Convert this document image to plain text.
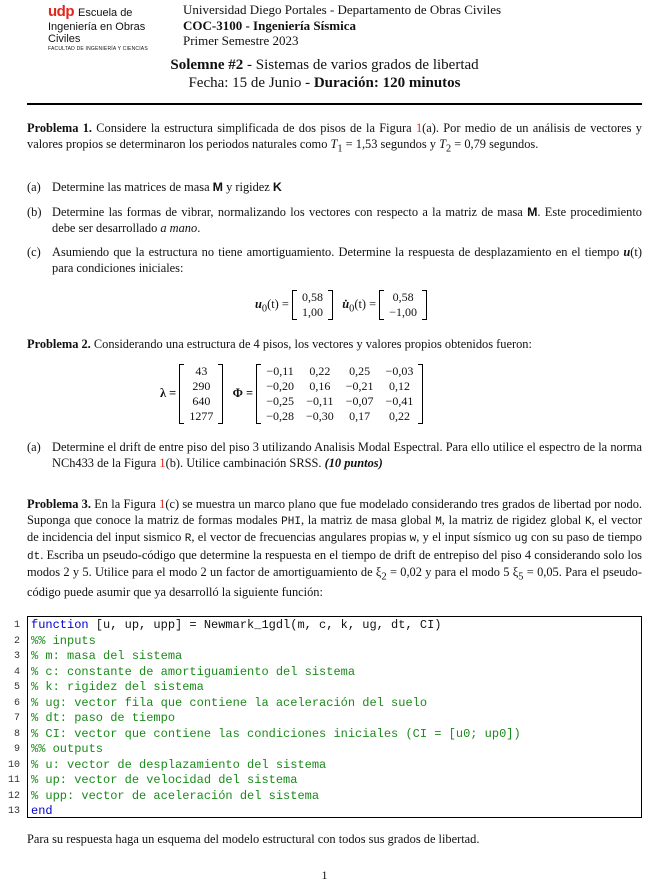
udp Escuela de
Ingeniería en Obras Civiles
FACULTAD DE INGENIERÍA Y CIENCIAS
Universidad Diego Portales - Departamento de Obras Civiles
COC-3100 - Ingeniería Sísmica
Primer Semestre 2023
Solemne #2 - Sistemas de varios grados de libertad
Fecha: 15 de Junio - Duración: 120 minutos
Problema 1. Considere la estructura simplificada de dos pisos de la Figura 1(a). Por medio de un análisis de vectores y valores propios se determinaron los periodos naturales como $T_1 = 1,53$ segundos y $T_2 = 0,79$ segundos.
(a) Determine las matrices de masa M y rigidez K
(b) Determine las formas de vibrar, normalizando los vectores con respecto a la matriz de masa M. Este procedimiento debe ser desarrollado a mano.
(c) Asumiendo que la estructura no tiene amortiguamiento. Determine la respuesta de desplazamiento en el tiempo u(t) para condiciones iniciales:
$u_0(t) = 0,58$
1,00
$u̇_0(t) = 0,58$
−1,00
Problema 2. Considerando una estructura de 4 pisos, los vectores y valores propios obtenidos fueron:
λ =
43
290
640
1277
Φ =
−0,11	0,22	0,25	−0,03
−0,20	0,16	−0,21	0,12
−0,25	−0,11	−0,07	−0,41
−0,28	−0,30	0,17	0,22
(a) Determine el drift de entre piso del piso 3 utilizando Analisis Modal Espectral. Para ello utilice el espectro de la norma NCh433 de la Figura 1(b). Utilice cambinación SRSS. (10 puntos)
Problema 3. En la Figura 1(c) se muestra un marco plano que fue modelado considerando tres grados de libertad por nodo. Suponga que conoce la matriz de formas modales PHI, la matriz de masa global M, la matriz de rigidez global K, el vector de incidencia del input sismico R, el vector de frecuencias angulares propias w, y el input sísmico ug con su paso de tiempo dt. Escriba un pseudo-código que determine la respuesta en el tiempo de drift de entrepiso del piso 4 considerando solo los modos 2 y 5. Utilice para el modo 2 un factor de amortiguamiento de $\xi_2 = 0,02$ y para el modo 5 $\xi_5 = 0,05$. Para el pseudo-código puede asumir que ya desarrolló la siguiente función:
1
2
3
4
5
6
7
8
9
10
11
12
13
function [u, up, upp] = Newmark_1gdl(m, c, k, ug, dt, CI)
%% inputs
% m: masa del sistema
% c: constante de amortiguamiento del sistema
% k: rigidez del sistema
% ug: vector fila que contiene la aceleración del suelo
% dt: paso de tiempo
% CI: vector que contiene las condiciones iniciales (CI = [u0; up0])
%% outputs
% u: vector de desplazamiento del sistema
% up: vector de velocidad del sistema
% upp: vector de aceleración del sistema
end
Para su respuesta haga un esquema del modelo estructural con todos sus grados de libertad.
1
